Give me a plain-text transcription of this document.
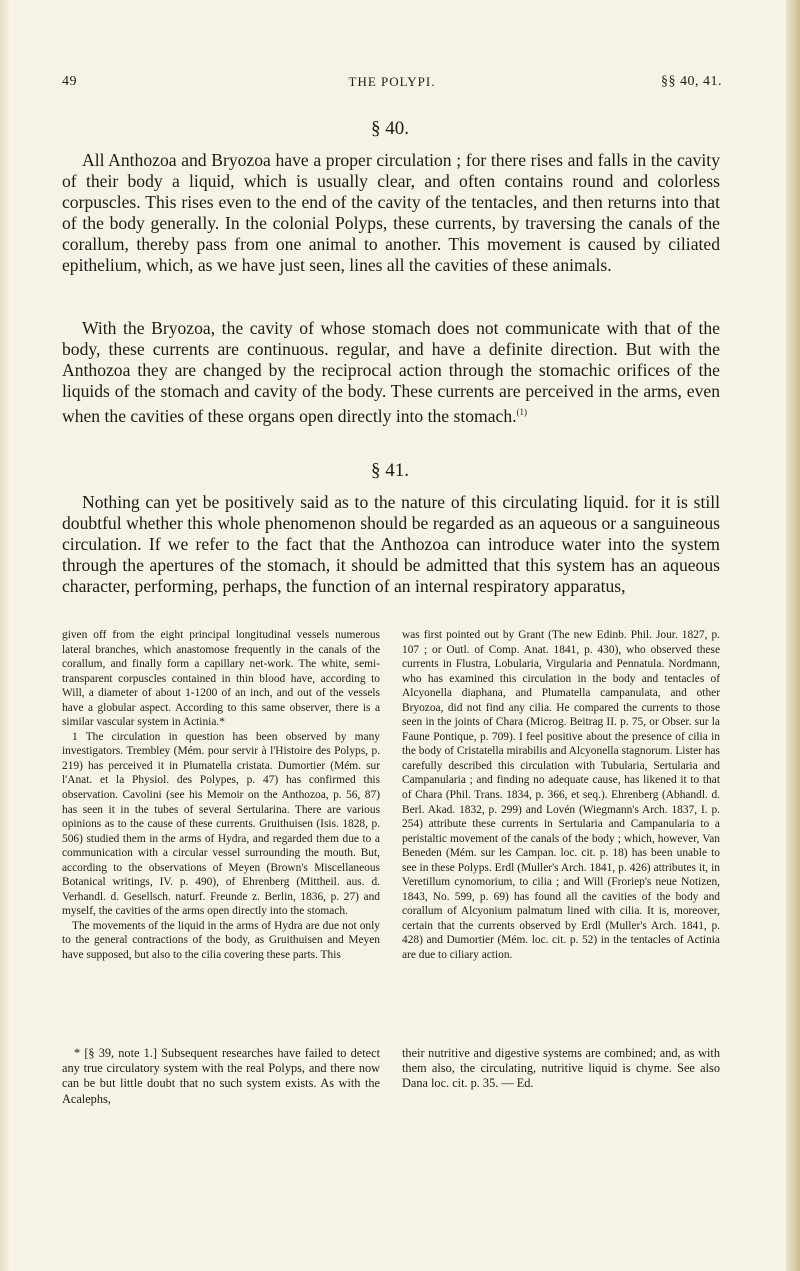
49	THE POLYPI.	§§ 40, 41.
§ 40.

All Anthozoa and Bryozoa have a proper circulation ; for there rises and falls in the cavity of their body a liquid, which is usually clear, and often contains round and colorless corpuscles. This rises even to the end of the cavity of the tentacles, and then returns into that of the body generally. In the colonial Polyps, these currents, by traversing the canals of the corallum, thereby pass from one animal to another. This movement is caused by ciliated epithelium, which, as we have just seen, lines all the cavities of these animals.

With the Bryozoa, the cavity of whose stomach does not communicate with that of the body, these currents are continuous. regular, and have a definite direction. But with the Anthozoa they are changed by the reciprocal action through the stomachic orifices of the liquids of the stomach and cavity of the body. These currents are perceived in the arms, even when the cavities of these organs open directly into the stomach.$^{(1)}$

§ 41.

Nothing can yet be positively said as to the nature of this circulating liquid. for it is still doubtful whether this whole phenomenon should be regarded as an aqueous or a sanguineous circulation. If we refer to the fact that the Anthozoa can introduce water into the system through the apertures of the stomach, it should be admitted that this system has an aqueous character, performing, perhaps, the function of an internal respiratory apparatus,

given off from the eight principal longitudinal vessels numerous lateral branches, which anastomose frequently in the canals of the corallum, and finally form a capillary net-work. The white, semi-transparent corpuscles contained in thin blood have, according to Will, a diameter of about 1-1200 of an inch, and out of the vessels have a globular aspect. According to this same observer, there is a similar vascular system in Actinia.*

1 The circulation in question has been observed by many investigators. Trembley (Mém. pour servir à l'Histoire des Polyps, p. 219) has perceived it in Plumatella cristata. Dumortier (Mém. sur l'Anat. et la Physiol. des Polypes, p. 47) has confirmed this observation. Cavolini (see his Memoir on the Anthozoa, p. 56, 87) has seen it in the tubes of several Sertularina. There are various opinions as to the cause of these currents. Gruithuisen (Isis. 1828, p. 506) studied them in the arms of Hydra, and regarded them due to a communication with a circular vessel surrounding the mouth. But, according to the observations of Meyen (Brown's Miscellaneous Botanical writings, IV. p. 490), of Ehrenberg (Mittheil. aus. d. Verhandl. d. Gesellsch. naturf. Freunde z. Berlin, 1836, p. 27) and myself, the cavities of the arms open directly into the stomach.

The movements of the liquid in the arms of Hydra are due not only to the general contractions of the body, as Gruithuisen and Meyen have supposed, but also to the cilia covering these parts. This

was first pointed out by Grant (The new Edinb. Phil. Jour. 1827, p. 107 ; or Outl. of Comp. Anat. 1841, p. 430), who observed these currents in Flustra, Lobularia, Virgularia and Pennatula. Nordmann, who has examined this circulation in the body and tentacles of Alcyonella diaphana, and Plumatella campanulata, and other Bryozoa, did not find any cilia. He compared the currents to those seen in the joints of Chara (Microg. Beitrag II. p. 75, or Obser. sur la Faune Pontique, p. 709). I feel positive about the presence of cilia in the body of Cristatella mirabilis and Alcyonella stagnorum. Lister has carefully described this circulation with Tubularia, Sertularia and Campanularia ; and finding no adequate cause, has likened it to that of Chara (Phil. Trans. 1834, p. 366, et seq.). Ehrenberg (Abhandl. d. Berl. Akad. 1832, p. 299) and Lovén (Wiegmann's Arch. 1837, I. p. 254) attribute these currents in Sertularia and Campanularia to a peristaltic movement of the canals of the body ; which, however, Van Beneden (Mém. sur les Campan. loc. cit. p. 18) has been unable to see in these Polyps. Erdl (Muller's Arch. 1841, p. 426) attributes it, in Veretillum cynomorium, to cilia ; and Will (Froriep's neue Notizen, 1843, No. 599, p. 69) has found all the cavities of the body and corallum of Alcyonium palmatum lined with cilia. It is, moreover, certain that the currents observed by Erdl (Muller's Arch. 1841, p. 428) and Dumortier (Mém. loc. cit. p. 52) in the tentacles of Actinia are due to ciliary action.

* [§ 39, note 1.] Subsequent researches have failed to detect any true circulatory system with the real Polyps, and there now can be but little doubt that no such system exists. As with the Acalephs,
their nutritive and digestive systems are combined; and, as with them also, the circulating, nutritive liquid is chyme. See also Dana loc. cit. p. 35. — Ed.
